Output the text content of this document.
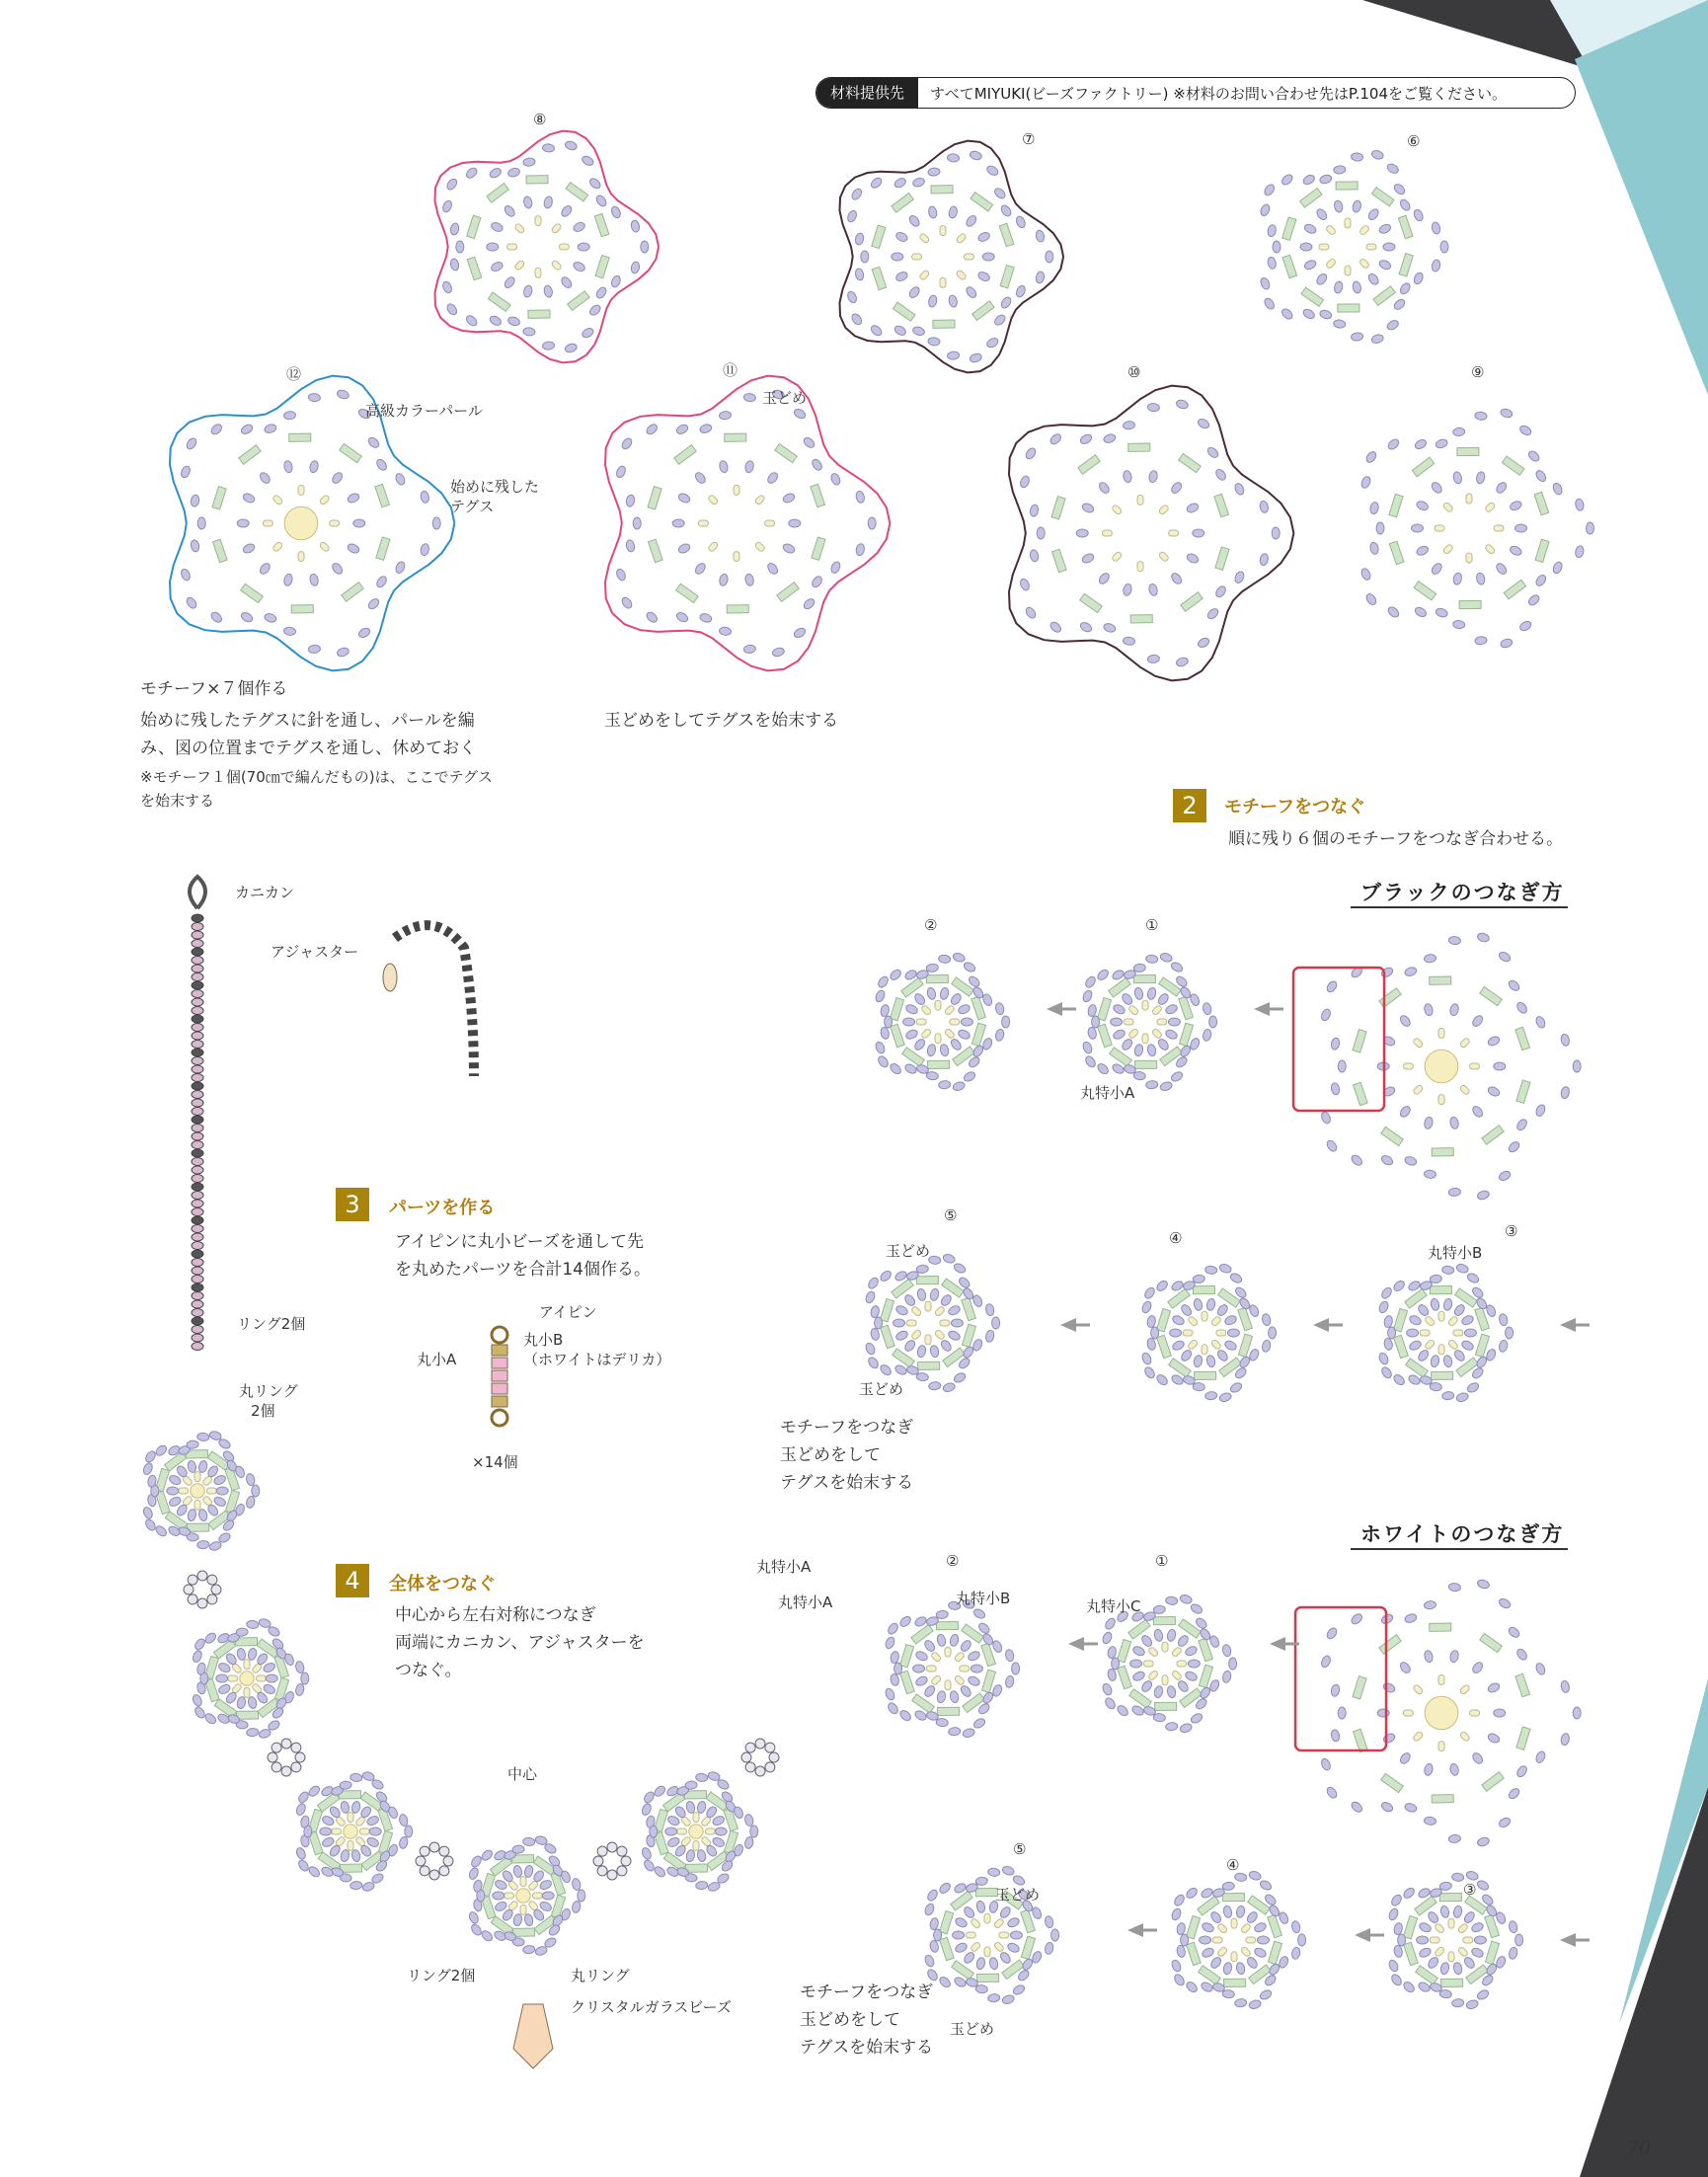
材料提供先	すべてMIYUKI(ビーズファクトリー) ※材料のお問い合わせ先はP.104をご覧ください。
⑧
⑦	⑥
⑫	⑪	⑩	⑨
高級カラーパール
始めに残した
テグス
玉どめ
モチーフ×７個作る
始めに残したテグスに針を通し、パールを編
み、図の位置までテグスを通し、休めておく
※モチーフ１個(70㎝で編んだもの)は、ここでテグス
を始末する
玉どめをしてテグスを始末する
2	モチーフをつなぐ
順に残り６個のモチーフをつなぎ合わせる。
ブラックのつなぎ方
②	①
丸特小A
⑤
④	③
丸特小B
玉どめ
玉どめ
モチーフをつなぎ
玉どめをして
テグスを始末する
ホワイトのつなぎ方
丸特小A
丸特小A
②
丸特小B
①
丸特小C
⑤
④
③
玉どめ
玉どめ
モチーフをつなぎ
玉どめをして
テグスを始末する
3	パーツを作る
アイピンに丸小ビーズを通して先
を丸めたパーツを合計14個作る。
アイピン
丸小A
丸小B
（ホワイトはデリカ）
×14個
4	全体をつなぐ
中心から左右対称につなぎ
両端にカニカン、アジャスターを
つなぐ。
カニカン
アジャスター
リング2個
丸リング
2個
中心
リング2個	丸リング
クリスタルガラスビーズ
70
